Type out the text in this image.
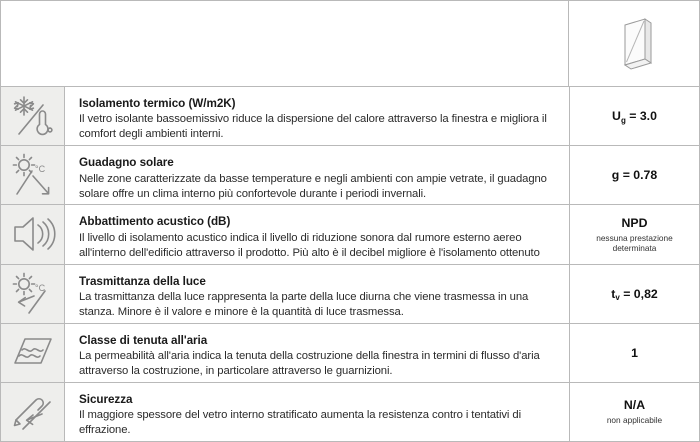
Isolamento termico (W/m2K)
Il vetro isolante bassoemissivo riduce la dispersione del calore attraverso la finestra e migliora il comfort degli ambienti interni.
$U_g = 3.0$
°C
Guadagno solare
Nelle zone caratterizzate da basse temperature e negli ambienti con ampie vetrate, il guadagno solare offre un clima interno più confortevole durante i periodi invernali.
g = 0.78
Abbattimento acustico (dB)
Il livello di isolamento acustico indica il livello di riduzione sonora dal rumore esterno aereo all'interno dell'edificio attraverso il prodotto. Più alto è il decibel migliore è l'isolamento ottenuto
NPD
nessuna prestazione determinata
°C
Trasmittanza della luce
La trasmittanza della luce rappresenta la parte della luce diurna che viene trasmessa in una stanza. Minore è il valore e minore è la quantità di luce trasmessa.
$t_v = 0,82$
Classe di tenuta all'aria
La permeabilità all'aria indica la tenuta della costruzione della finestra in termini di flusso d'aria attraverso la costruzione, in particolare attraverso le guarnizioni.
1
Sicurezza
Il maggiore spessore del vetro interno stratificato aumenta la resistenza contro i tentativi di effrazione.
N/A
non applicabile
